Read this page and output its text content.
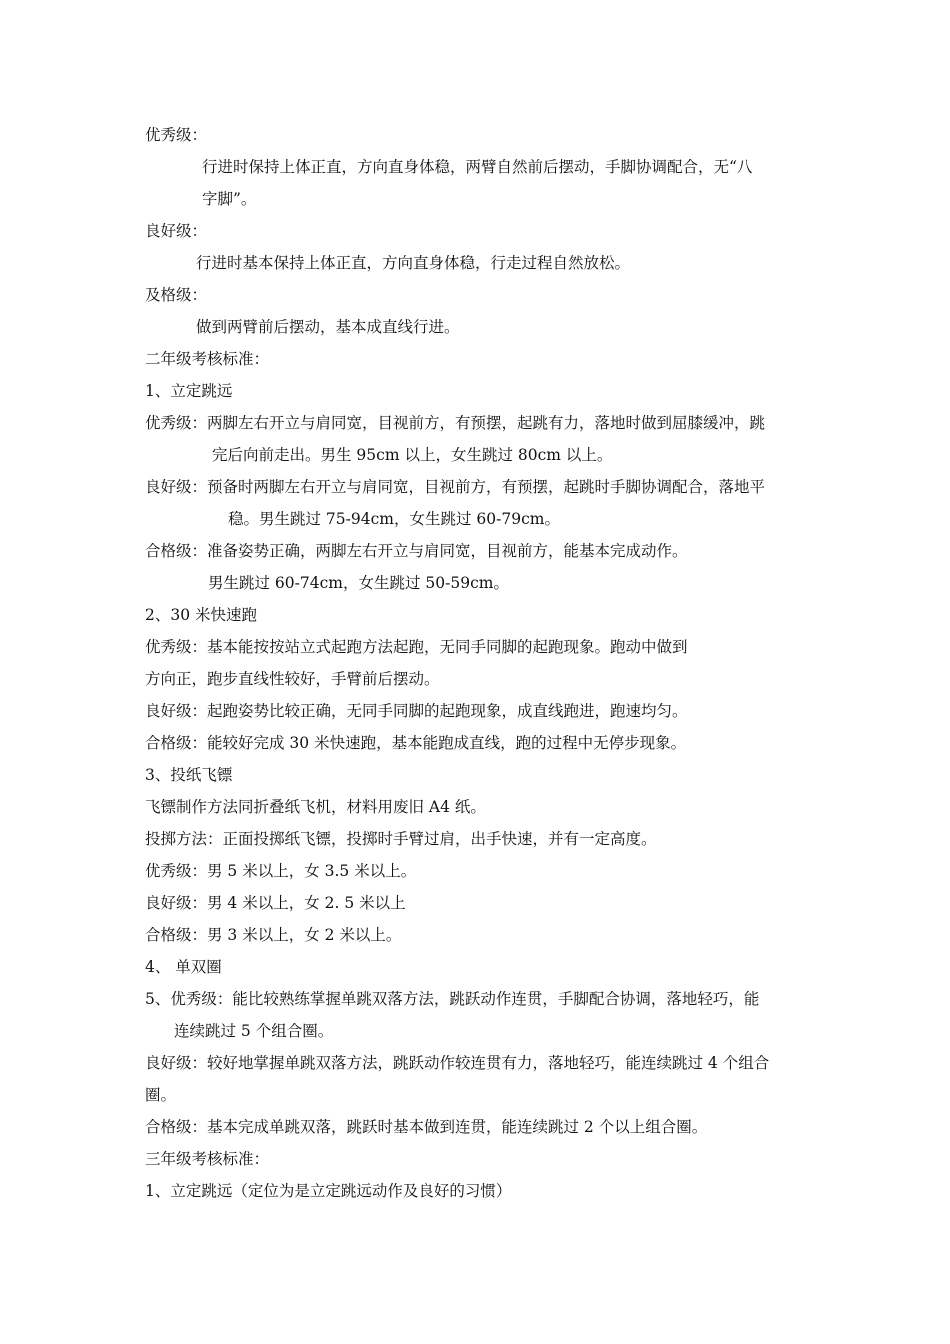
优秀级：
行进时保持上体正直，方向直身体稳，两臂自然前后摆动，手脚协调配合，无“八
字脚”。
良好级：
行进时基本保持上体正直，方向直身体稳，行走过程自然放松。
及格级：
做到两臂前后摆动，基本成直线行进。
二年级考核标准：
1、立定跳远
优秀级：两脚左右开立与肩同宽，目视前方，有预摆，起跳有力，落地时做到屈膝缓冲，跳
完后向前走出。男生 95cm 以上，女生跳过 80cm 以上。
良好级：预备时两脚左右开立与肩同宽，目视前方，有预摆，起跳时手脚协调配合，落地平
稳。男生跳过 75-94cm，女生跳过 60-79cm。
合格级：准备姿势正确，两脚左右开立与肩同宽，目视前方，能基本完成动作。
男生跳过 60-74cm，女生跳过 50-59cm。
2、30 米快速跑
优秀级：基本能按按站立式起跑方法起跑，无同手同脚的起跑现象。跑动中做到
方向正，跑步直线性较好，手臂前后摆动。
良好级：起跑姿势比较正确，无同手同脚的起跑现象，成直线跑进，跑速均匀。
合格级：能较好完成 30 米快速跑，基本能跑成直线，跑的过程中无停步现象。
3、投纸飞镖
飞镖制作方法同折叠纸飞机，材料用废旧 A4 纸。
投掷方法：正面投掷纸飞镖，投掷时手臂过肩，出手快速，并有一定高度。
优秀级：男 5 米以上，女 3.5 米以上。
良好级：男 4 米以上，女 2. 5 米以上
合格级：男 3 米以上，女 2 米以上。
4、 单双圈
5、优秀级：能比较熟练掌握单跳双落方法，跳跃动作连贯，手脚配合协调，落地轻巧，能
连续跳过 5 个组合圈。
良好级：较好地掌握单跳双落方法，跳跃动作较连贯有力，落地轻巧，能连续跳过 4 个组合
圈。
合格级：基本完成单跳双落，跳跃时基本做到连贯，能连续跳过 2 个以上组合圈。
三年级考核标准：
1、立定跳远（定位为是立定跳远动作及良好的习惯）
